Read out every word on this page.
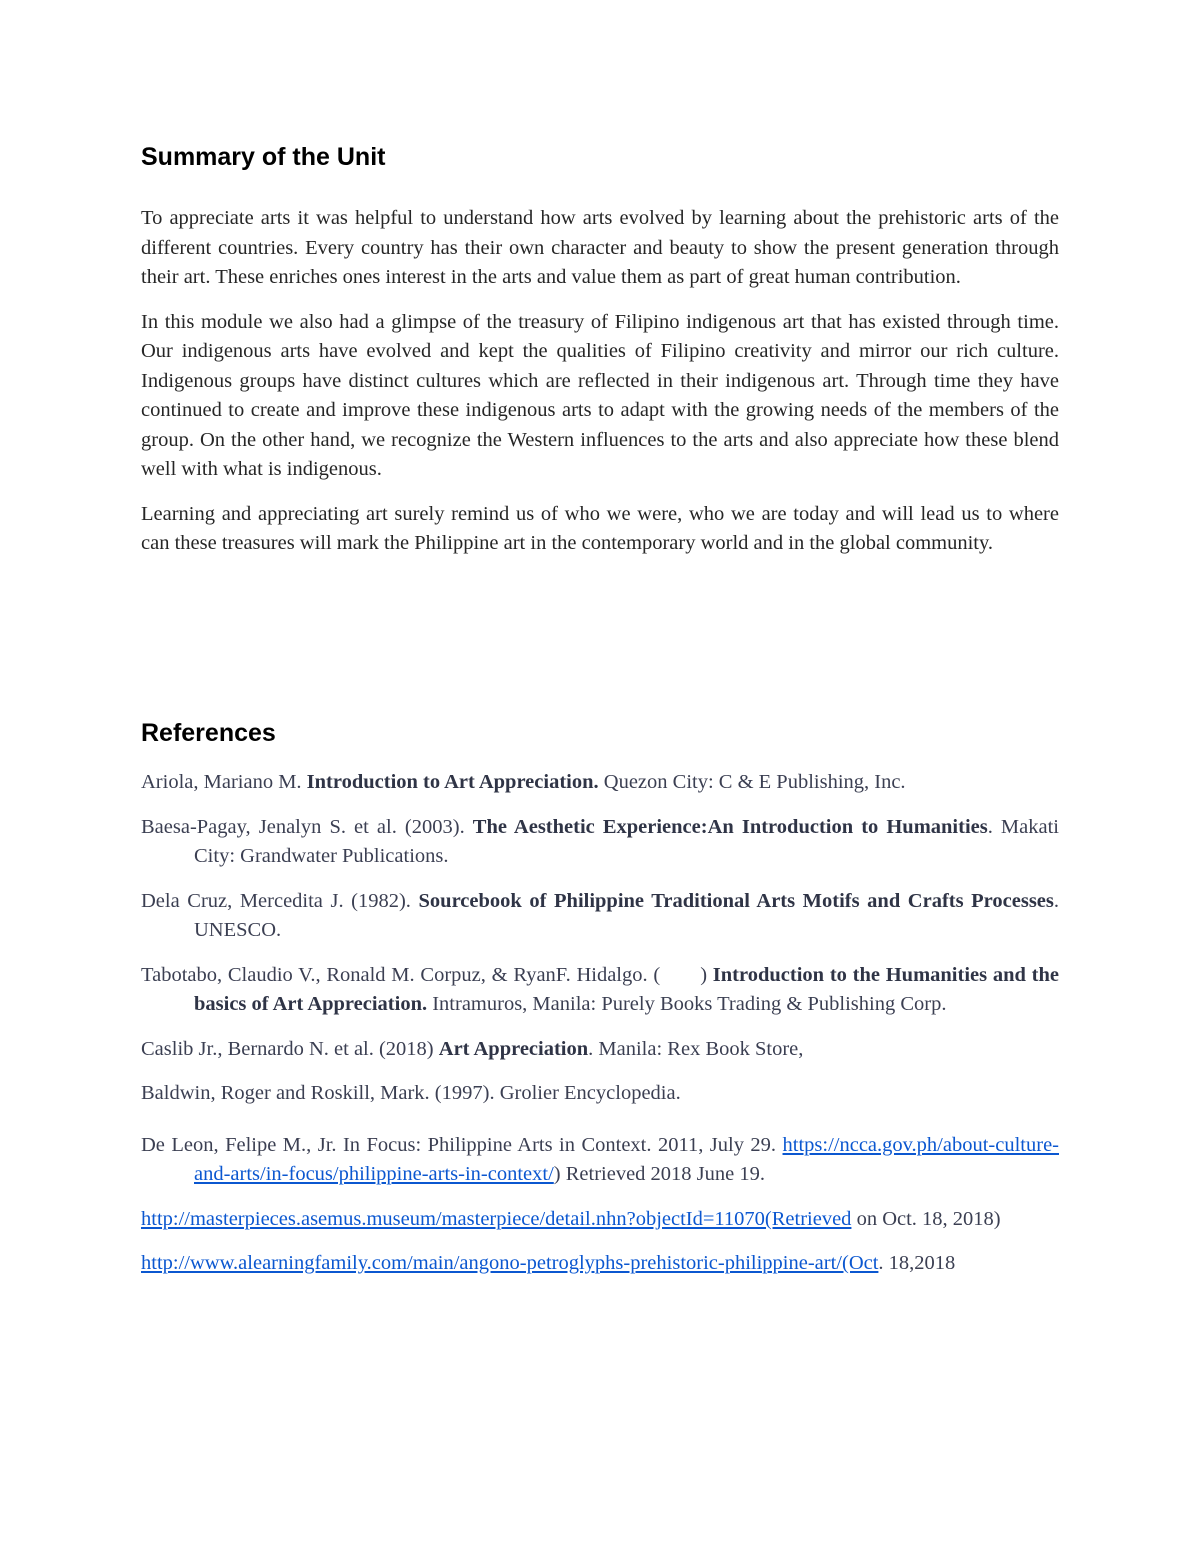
Summary of the Unit

To appreciate arts it was helpful to understand how arts evolved by learning about the prehistoric arts of the different countries. Every country has their own character and beauty to show the present generation through their art. These enriches ones interest in the arts and value them as part of great human contribution.

In this module we also had a glimpse of the treasury of Filipino indigenous art that has existed through time. Our indigenous arts have evolved and kept the qualities of Filipino creativity and mirror our rich culture. Indigenous groups have distinct cultures which are reflected in their indigenous art. Through time they have continued to create and improve these indigenous arts to adapt with the growing needs of the members of the group. On the other hand, we recognize the Western influences to the arts and also appreciate how these blend well with what is indigenous.

Learning and appreciating art surely remind us of who we were, who we are today and will lead us to where can these treasures will mark the Philippine art in the contemporary world and in the global community.

References

Ariola, Mariano M. Introduction to Art Appreciation. Quezon City: C & E Publishing, Inc.

Baesa-Pagay, Jenalyn S. et al. (2003). The Aesthetic Experience:An Introduction to Humanities. Makati City: Grandwater Publications.

Dela Cruz, Mercedita J. (1982). Sourcebook of Philippine Traditional Arts Motifs and Crafts Processes. UNESCO.

Tabotabo, Claudio V., Ronald M. Corpuz, & RyanF. Hidalgo. ( ) Introduction to the Humanities and the basics of Art Appreciation. Intramuros, Manila: Purely Books Trading & Publishing Corp.

Caslib Jr., Bernardo N. et al. (2018) Art Appreciation. Manila: Rex Book Store,

Baldwin, Roger and Roskill, Mark. (1997). Grolier Encyclopedia.

De Leon, Felipe M., Jr. In Focus: Philippine Arts in Context. 2011, July 29. https://ncca.gov.ph/about-culture-and-arts/in-focus/philippine-arts-in-context/) Retrieved 2018 June 19.

http://masterpieces.asemus.museum/masterpiece/detail.nhn?objectId=11070(Retrieved on Oct. 18, 2018)

http://www.alearningfamily.com/main/angono-petroglyphs-prehistoric-philippine-art/(Oct. 18,2018
